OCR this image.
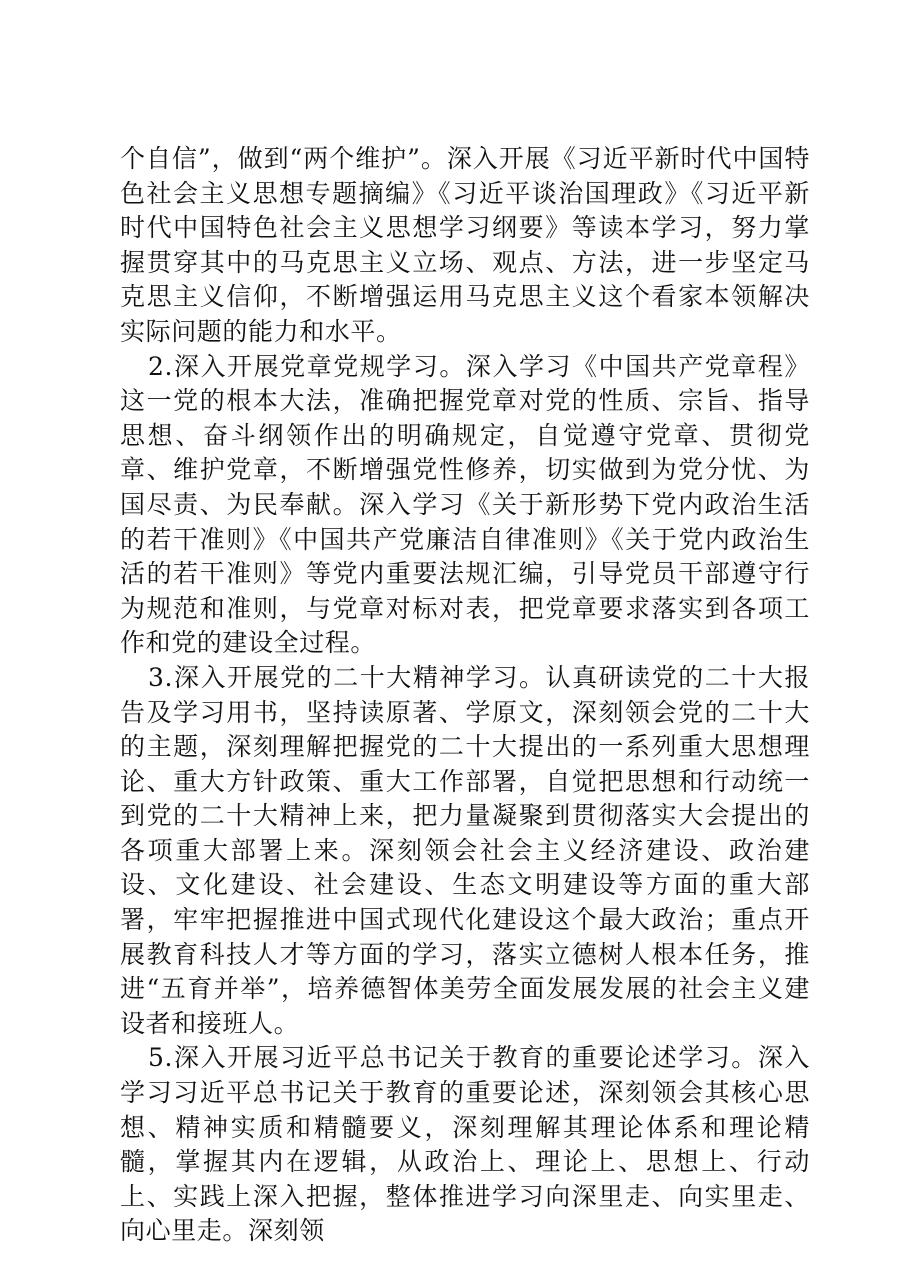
个自信”，做到“两个维护”。深入开展《习近平新时代中国特色社会主义思想专题摘编》《习近平谈治国理政》《习近平新时代中国特色社会主义思想学习纲要》等读本学习，努力掌握贯穿其中的马克思主义立场、观点、方法，进一步坚定马克思主义信仰，不断增强运用马克思主义这个看家本领解决实际问题的能力和水平。

2.深入开展党章党规学习。深入学习《中国共产党章程》这一党的根本大法，准确把握党章对党的性质、宗旨、指导思想、奋斗纲领作出的明确规定，自觉遵守党章、贯彻党章、维护党章，不断增强党性修养，切实做到为党分忧、为国尽责、为民奉献。深入学习《关于新形势下党内政治生活的若干准则》《中国共产党廉洁自律准则》《关于党内政治生活的若干准则》等党内重要法规汇编，引导党员干部遵守行为规范和准则，与党章对标对表，把党章要求落实到各项工作和党的建设全过程。

3.深入开展党的二十大精神学习。认真研读党的二十大报告及学习用书，坚持读原著、学原文，深刻领会党的二十大的主题，深刻理解把握党的二十大提出的一系列重大思想理论、重大方针政策、重大工作部署，自觉把思想和行动统一到党的二十大精神上来，把力量凝聚到贯彻落实大会提出的各项重大部署上来。深刻领会社会主义经济建设、政治建设、文化建设、社会建设、生态文明建设等方面的重大部署，牢牢把握推进中国式现代化建设这个最大政治；重点开展教育科技人才等方面的学习，落实立德树人根本任务，推进“五育并举”，培养德智体美劳全面发展发展的社会主义建设者和接班人。

5.深入开展习近平总书记关于教育的重要论述学习。深入学习习近平总书记关于教育的重要论述，深刻领会其核心思想、精神实质和精髓要义，深刻理解其理论体系和理论精髓，掌握其内在逻辑，从政治上、理论上、思想上、行动上、实践上深入把握，整体推进学习向深里走、向实里走、向心里走。深刻领
